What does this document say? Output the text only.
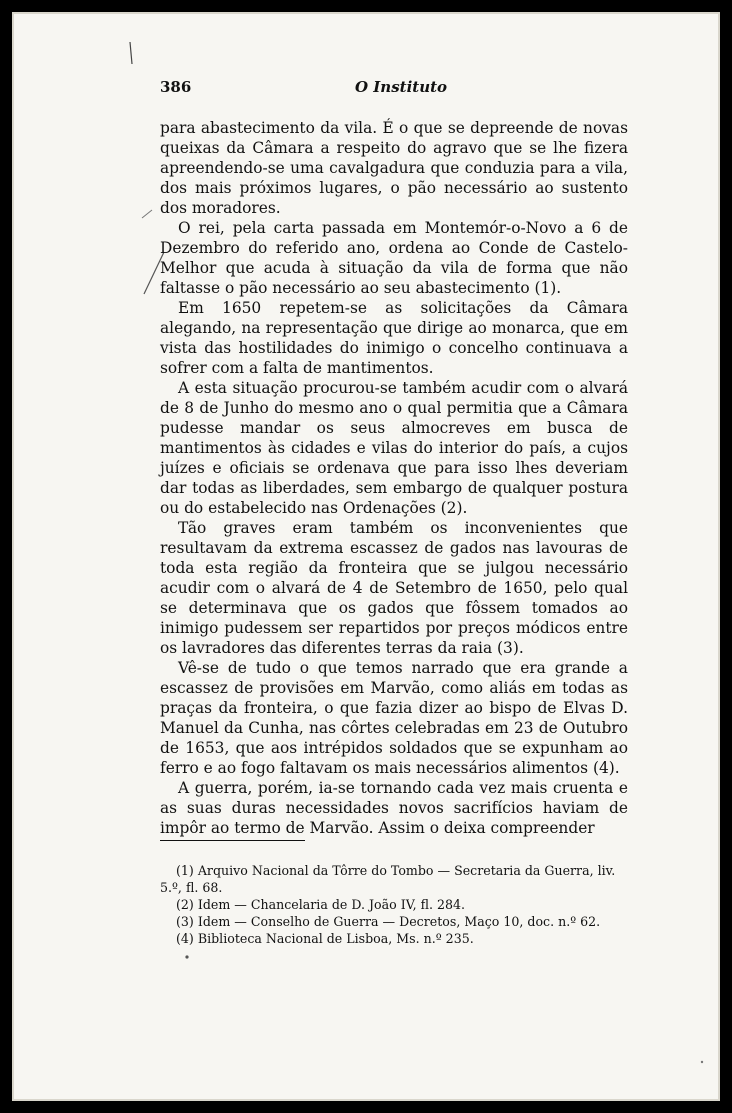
386	O Instituto

para abastecimento da vila. É o que se depreende de novas queixas da Câmara a respeito do agravo que se lhe fizera apreendendo-se uma cavalgadura que conduzia para a vila, dos mais próximos lugares, o pão necessário ao sustento dos moradores.

O rei, pela carta passada em Montemór-o-Novo a 6 de Dezembro do referido ano, ordena ao Conde de Castelo-Melhor que acuda à situação da vila de forma que não faltasse o pão necessário ao seu abastecimento (1).

Em 1650 repetem-se as solicitações da Câmara alegando, na representação que dirige ao monarca, que em vista das hostilidades do inimigo o concelho continuava a sofrer com a falta de mantimentos.

A esta situação procurou-se também acudir com o alvará de 8 de Junho do mesmo ano o qual permitia que a Câmara pudesse mandar os seus almocreves em busca de mantimentos às cidades e vilas do interior do país, a cujos juízes e oficiais se ordenava que para isso lhes deveriam dar todas as liberdades, sem embargo de qualquer postura ou do estabelecido nas Ordenações (2).

Tão graves eram também os inconvenientes que resultavam da extrema escassez de gados nas lavouras de toda esta região da fronteira que se julgou necessário acudir com o alvará de 4 de Setembro de 1650, pelo qual se determinava que os gados que fôssem tomados ao inimigo pudessem ser repartidos por preços módicos entre os lavradores das diferentes terras da raia (3).

Vê-se de tudo o que temos narrado que era grande a escassez de provisões em Marvão, como aliás em todas as praças da fronteira, o que fazia dizer ao bispo de Elvas D. Manuel da Cunha, nas côrtes celebradas em 23 de Outubro de 1653, que aos intrépidos soldados que se expunham ao ferro e ao fogo faltavam os mais necessários alimentos (4).

A guerra, porém, ia-se tornando cada vez mais cruenta e as suas duras necessidades novos sacrifícios haviam de impôr ao termo de Marvão. Assim o deixa compreender

(1) Arquivo Nacional da Tôrre do Tombo — Secretaria da Guerra, liv. 5.º, fl. 68.

(2) Idem — Chancelaria de D. João IV, fl. 284.

(3) Idem — Conselho de Guerra — Decretos, Maço 10, doc. n.º 62.

(4) Biblioteca Nacional de Lisboa, Ms. n.º 235.
